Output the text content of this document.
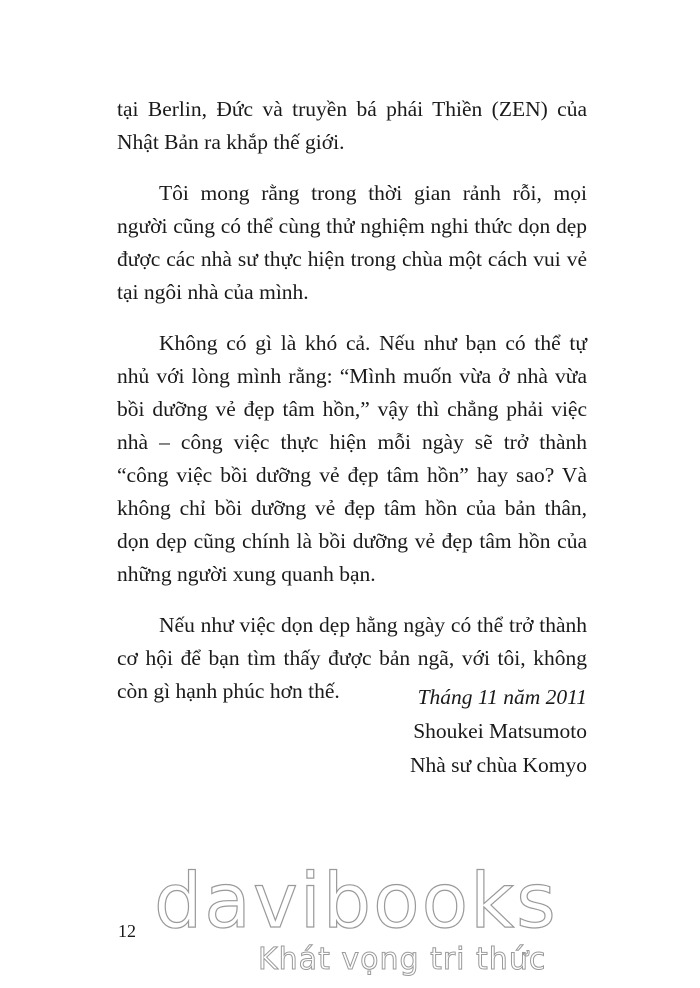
tại Berlin, Đức và truyền bá phái Thiền (ZEN) của Nhật Bản ra khắp thế giới.

Tôi mong rằng trong thời gian rảnh rỗi, mọi người cũng có thể cùng thử nghiệm nghi thức dọn dẹp được các nhà sư thực hiện trong chùa một cách vui vẻ tại ngôi nhà của mình.

Không có gì là khó cả. Nếu như bạn có thể tự nhủ với lòng mình rằng: “Mình muốn vừa ở nhà vừa bồi dưỡng vẻ đẹp tâm hồn,” vậy thì chẳng phải việc nhà – công việc thực hiện mỗi ngày sẽ trở thành “công việc bồi dưỡng vẻ đẹp tâm hồn” hay sao? Và không chỉ bồi dưỡng vẻ đẹp tâm hồn của bản thân, dọn dẹp cũng chính là bồi dưỡng vẻ đẹp tâm hồn của những người xung quanh bạn.

Nếu như việc dọn dẹp hằng ngày có thể trở thành cơ hội để bạn tìm thấy được bản ngã, với tôi, không còn gì hạnh phúc hơn thế.	Tháng 11 năm 2011
Shoukei Matsumoto
Nhà sư chùa Komyo
12 davibooks
Khát vọng tri thức
